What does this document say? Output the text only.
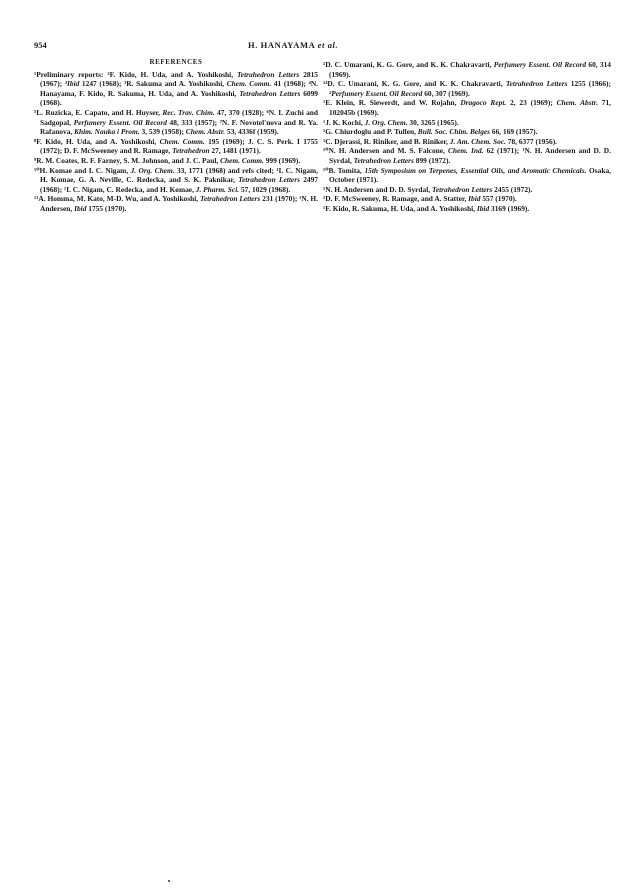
954	H. HANAYAMA et al.
REFERENCES

¹Preliminary reports: ²F. Kido, H. Uda, and A. Yoshikoshi, Tetrahedron Letters 2815 (1967); ³Ibid 1247 (1968); ³R. Sakuma and A. Yoshikoshi, Chem. Comm. 41 (1968); ⁴N. Hanayama, F. Kido, R. Sakuma, H. Uda, and A. Yoshikoshi, Tetrahedron Letters 6099 (1968).

⁵L. Ruzicka, E. Capato, and H. Huyser, Rec. Trav. Chim. 47, 370 (1928); ⁶N. I. Zuchi and Sadgopal, Perfumery Essent. Oil Record 48, 333 (1957); ⁷N. F. Novotel'nova and R. Ya. Rafanova, Khim. Nauka i Prom. 3, 539 (1958); Chem. Abstr. 53, 4336f (1959).

⁸F. Kido, H. Uda, and A. Yoshikoshi, Chem. Comm. 195 (1969); J. C. S. Perk. I 1755 (1972); D. F. McSweeney and R. Ramage, Tetrahedron 27, 1481 (1971).

⁹R. M. Coates, R. F. Farney, S. M. Johnson, and J. C. Paul, Chem. Comm. 999 (1969).

¹⁰H. Komae and I. C. Nigam, J. Org. Chem. 33, 1771 (1968) and refs cited; ¹I. C. Nigam, H. Komae, G. A. Neville, C. Redecka, and S. K. Paknikar, Tetrahedron Letters 2497 (1968); ¹I. C. Nigam, C. Redecka, and H. Komae, J. Pharm. Sci. 57, 1029 (1968).

¹¹A. Homma, M. Kato, M-D. Wu, and A. Yoshikoshi, Tetrahedron Letters 231 (1970); ¹N. H. Andersen, Ibid 1755 (1970).

¹D. C. Umarani, K. G. Gore, and K. K. Chakravarti, Perfumery Essent. Oil Record 60, 314 (1969).

¹⁴D. C. Umarani, K. G. Gore, and K. K. Chakravarti, Tetrahedron Letters 1255 (1966); ²Perfumery Essent. Oil Record 60, 307 (1969).

¹E. Klein, R. Siewerdt, and W. Rojahn, Dragoco Rept. 2, 23 (1969); Chem. Abstr. 71, 102045b (1969).

¹J. K. Kochi, J. Org. Chem. 30, 3265 (1965).

¹G. Chiurdoglu and P. Tullen, Bull. Soc. Chim. Belges 66, 169 (1957).

¹C. Djerassi, R. Riniker, and B. Riniker, J. Am. Chem. Soc. 78, 6377 (1956).

¹⁰N. H. Andersen and M. S. Falcone, Chem. Ind. 62 (1971); ¹N. H. Andersen and D. D. Syrdal, Tetrahedron Letters 899 (1972).

¹⁰B. Tomita, 15th Symposium on Terpenes, Essential Oils, and Aromatic Chemicals. Osaka, October (1971).

¹N. H. Andersen and D. D. Syrdal, Tetrahedron Letters 2455 (1972).

¹D. F. McSweeney, R. Ramage, and A. Statter, Ibid 557 (1970).

¹F. Kido, R. Sakuma, H. Uda, and A. Yoshikoshi, Ibid 3169 (1969).
